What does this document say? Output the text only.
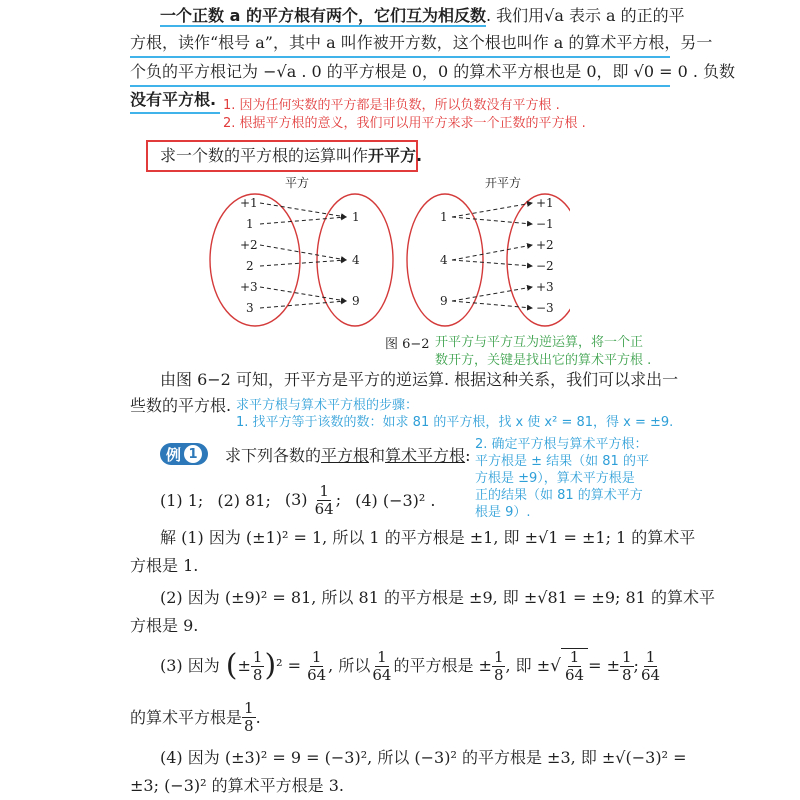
一个正数 a 的平方根有两个，它们互为相反数. 我们用√a 表示 a 的正的平
方根，读作“根号 a”，其中 a 叫作被开方数，这个根也叫作 a 的算术平方根，另一
个负的平方根记为 −√a . 0 的平方根是 0，0 的算术平方根也是 0，即 √0 = 0 . 负数
没有平方根. 1. 因为任何实数的平方都是非负数，所以负数没有平方根 .
2. 根据平方根的意义，我们可以用平方来求一个正数的平方根 .
求一个数的平方根的运算叫作开平方.
平方	开平方
+1
1
+2
2
+3
3
1
4
9
1
4
9
+1
−1
+2
−2
+3
−3
图 6−2 开平方与平方互为逆运算，将一个正
数开方，关键是找出它的算术平方根 .
由图 6−2 可知，开平方是平方的逆运算. 根据这种关系，我们可以求出一
些数的平方根. 求平方根与算术平方根的步骤：
1. 找平方等于该数的数：如求 81 的平方根，找 x 使 x² = 81，得 x = ±9.
2. 确定平方根与算术平方根：
平方根是 ± 结果（如 81 的平
方根是 ±9），算术平方根是
正的结果（如 81 的算术平方
根是 9）.
例 1 求下列各数的平方根和算术平方根:
(1) 1; (2) 81; $(3) \frac{1}{64}$ ; (4) (−3)² .
解 (1) 因为 (±1)² = 1, 所以 1 的平方根是 ±1, 即 ±√1 = ±1; 1 的算术平
方根是 1.
(2) 因为 (±9)² = 81, 所以 81 的平方根是 ±9, 即 ±√81 = ±9; 81 的算术平
方根是 9.
(3) 因为 ( ± $\frac{1}{8}$ ) $^2 = \frac{1}{64}$ , 所以 $\frac{1}{64}$ 的平方根是 ± $\frac{1}{8}$ , 即 ± √ $\frac{1}{64}$ = ± $\frac{1}{8}$ ; $\frac{1}{64}$
的算术平方根是 $\frac{1}{8}$ .
(4) 因为 (±3)² = 9 = (−3)², 所以 (−3)² 的平方根是 ±3, 即 ±√(−3)² =
±3; (−3)² 的算术平方根是 3.
